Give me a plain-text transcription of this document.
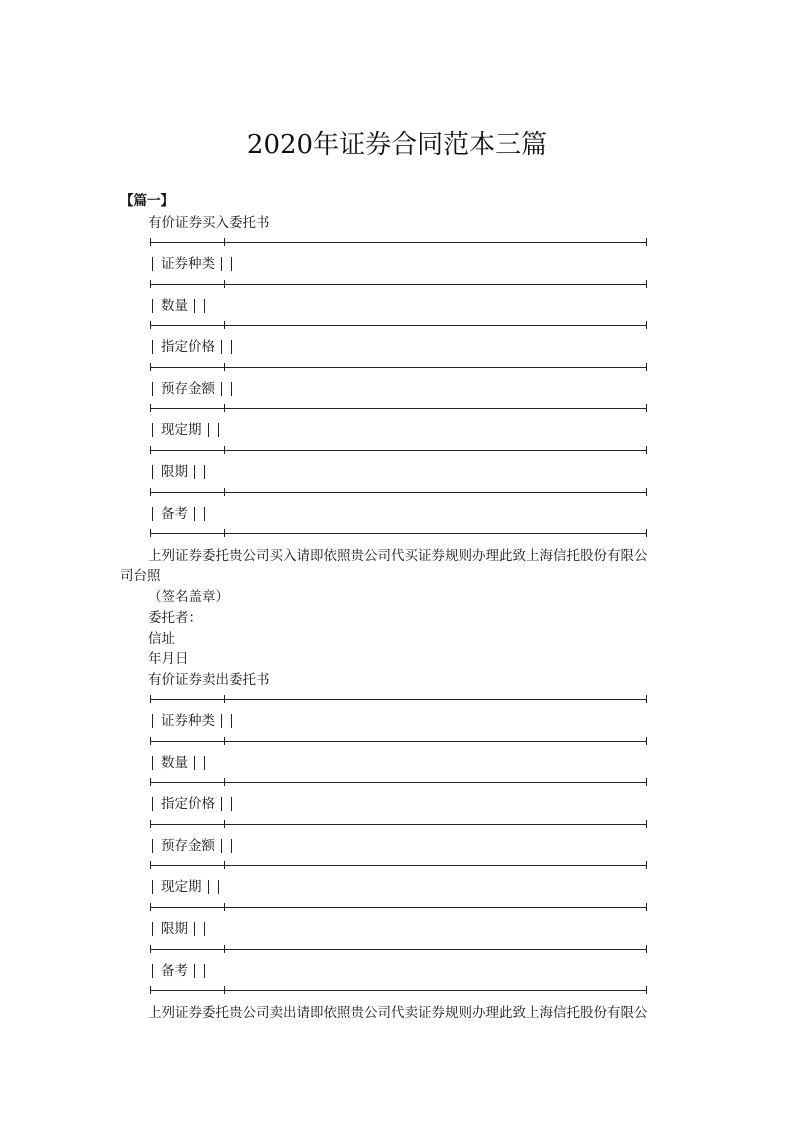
2020年证券合同范本三篇
【篇一】
有价证券买入委托书
证券种类
数量
指定价格
预存金额
现定期
限期
备考
上列证券委托贵公司买入请即依照贵公司代买证券规则办理此致上海信托股份有限公
司台照
（签名盖章）
委托者：
信址
年月日
有价证券卖出委托书
证券种类
数量
指定价格
预存金额
现定期
限期
备考
上列证券委托贵公司卖出请即依照贵公司代卖证券规则办理此致上海信托股份有限公
